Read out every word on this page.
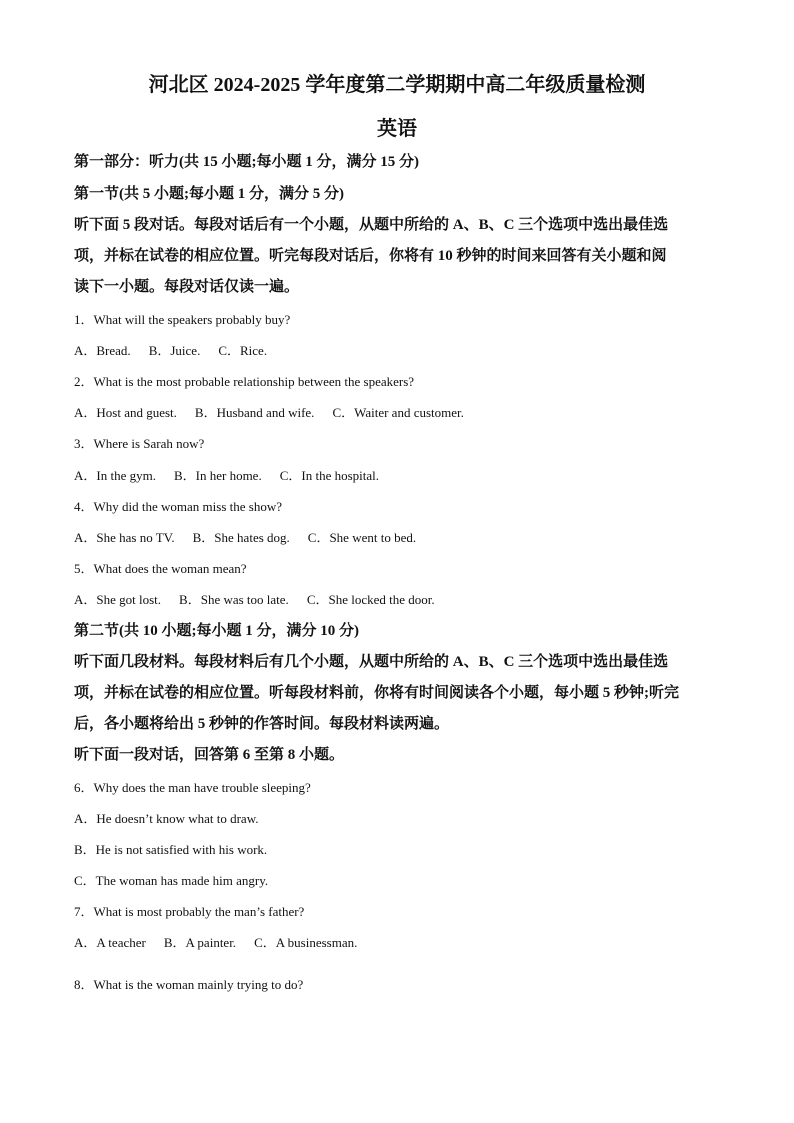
河北区 2024-2025 学年度第二学期期中高二年级质量检测
英语
第一部分：听力(共 15 小题;每小题 1 分，满分 15 分)
第一节(共 5 小题;每小题 1 分，满分 5 分)
听下面 5 段对话。每段对话后有一个小题，从题中所给的 A、B、C 三个选项中选出最佳选
项，并标在试卷的相应位置。听完每段对话后，你将有 10 秒钟的时间来回答有关小题和阅
读下一小题。每段对话仅读一遍。
1．What will the speakers probably buy?
A．Bread. B．Juice. C．Rice.
2．What is the most probable relationship between the speakers?
A．Host and guest. B．Husband and wife. C．Waiter and customer.
3．Where is Sarah now?
A．In the gym. B．In her home. C．In the hospital.
4．Why did the woman miss the show?
A．She has no TV. B．She hates dog. C．She went to bed.
5．What does the woman mean?
A．She got lost. B．She was too late. C．She locked the door.
第二节(共 10 小题;每小题 1 分，满分 10 分)
听下面几段材料。每段材料后有几个小题，从题中所给的 A、B、C 三个选项中选出最佳选
项，并标在试卷的相应位置。听每段材料前，你将有时间阅读各个小题，每小题 5 秒钟;听完
后，各小题将给出 5 秒钟的作答时间。每段材料读两遍。
听下面一段对话，回答第 6 至第 8 小题。
6．Why does the man have trouble sleeping?
A．He doesn’t know what to draw.
B．He is not satisfied with his work.
C．The woman has made him angry.
7．What is most probably the man’s father?
A．A teacher B．A painter. C．A businessman.
8．What is the woman mainly trying to do?
